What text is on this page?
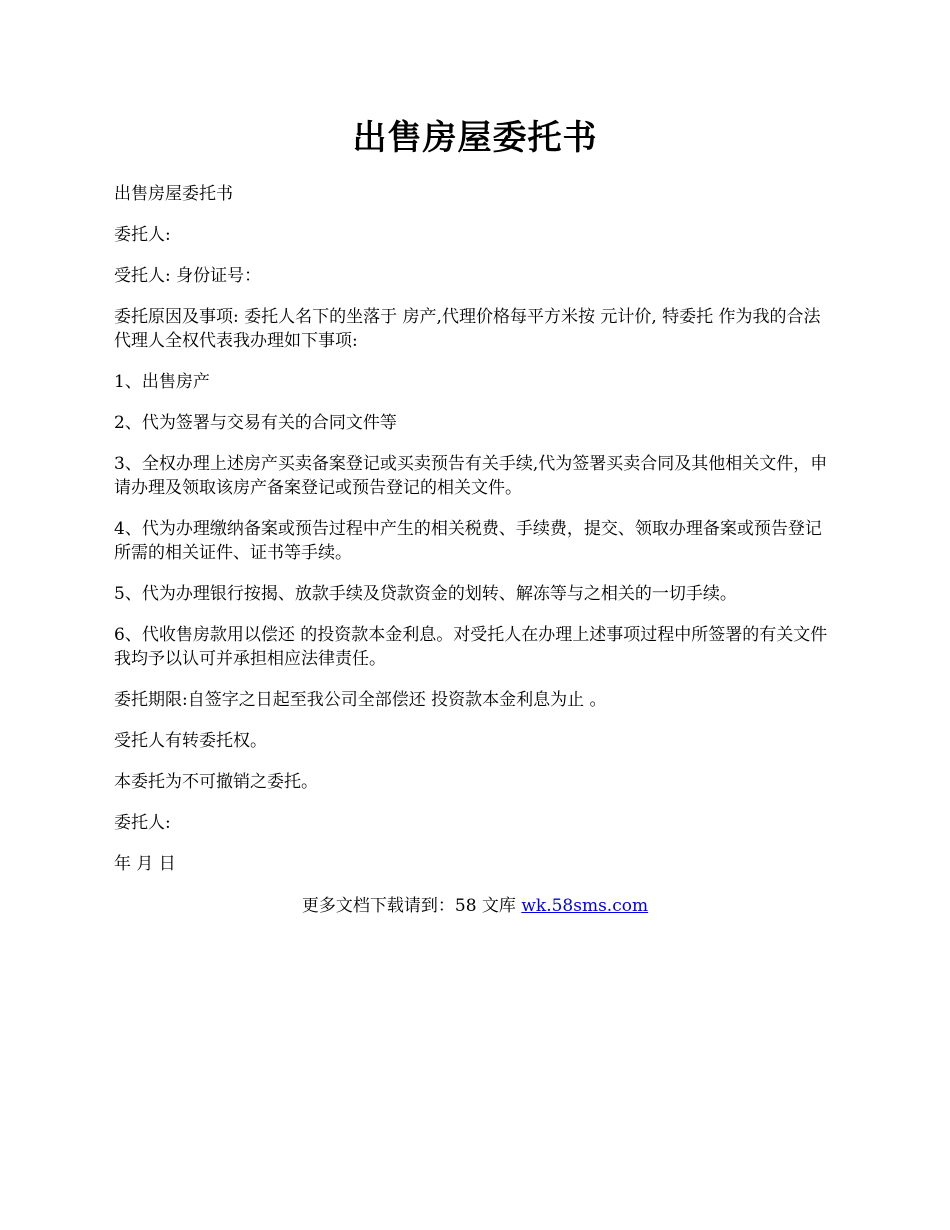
出售房屋委托书

出售房屋委托书

委托人:

受托人: 身份证号：

委托原因及事项: 委托人名下的坐落于 房产,代理价格每平方米按 元计价, 特委托 作为我的合法代理人全权代表我办理如下事项:

1、出售房产

2、代为签署与交易有关的合同文件等

3、全权办理上述房产买卖备案登记或买卖预告有关手续,代为签署买卖合同及其他相关文件，申请办理及领取该房产备案登记或预告登记的相关文件。

4、代为办理缴纳备案或预告过程中产生的相关税费、手续费，提交、领取办理备案或预告登记所需的相关证件、证书等手续。

5、代为办理银行按揭、放款手续及贷款资金的划转、解冻等与之相关的一切手续。

6、代收售房款用以偿还 的投资款本金利息。对受托人在办理上述事项过程中所签署的有关文件我均予以认可并承担相应法律责任。

委托期限:自签字之日起至我公司全部偿还 投资款本金利息为止 。

受托人有转委托权。

本委托为不可撤销之委托。

委托人:

年 月 日

更多文档下载请到：58 文库 wk.58sms.com
